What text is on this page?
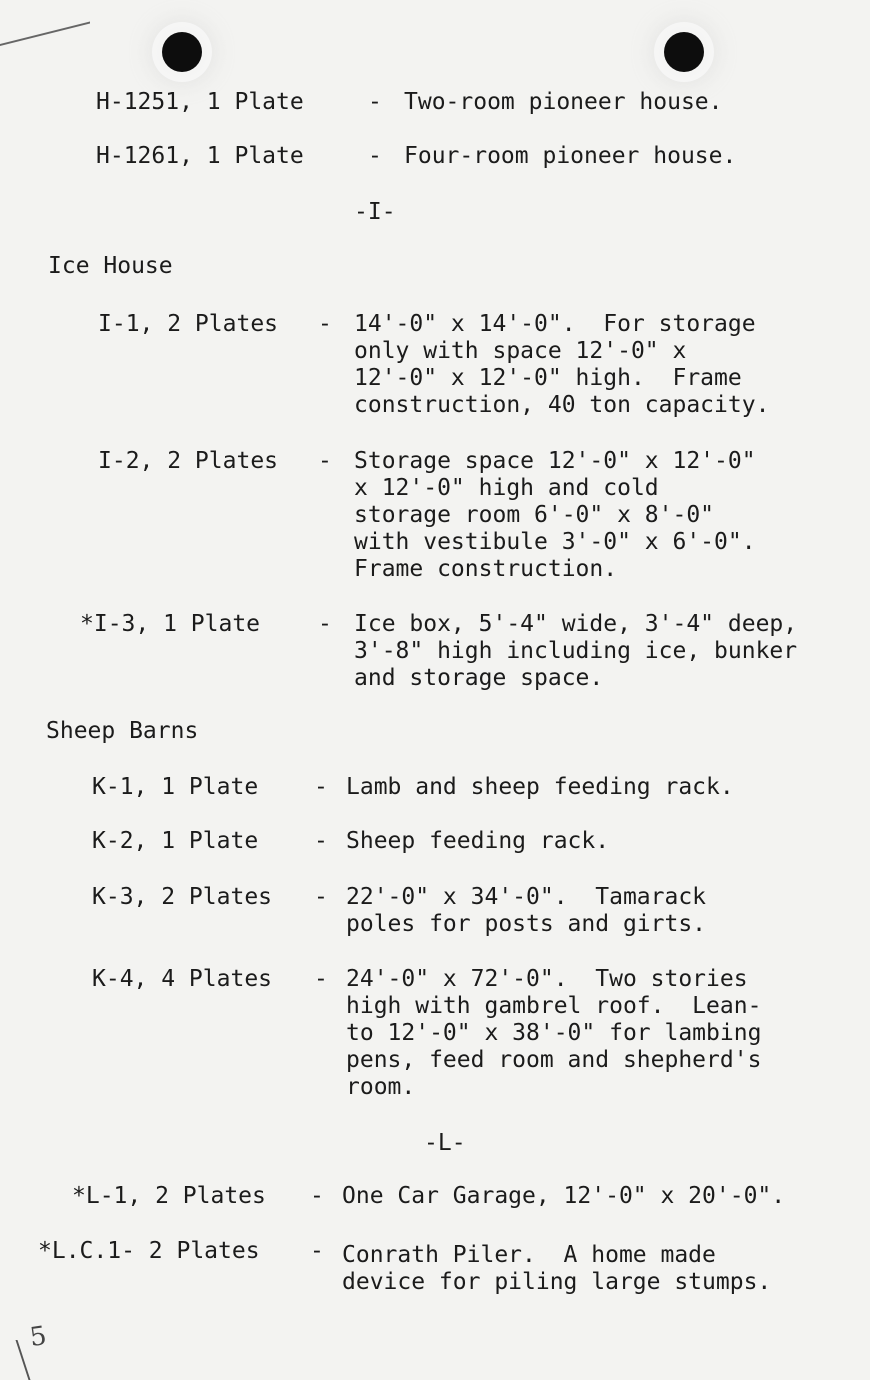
H-1251, 1 Plate	- Two-room pioneer house.
H-1261, 1 Plate	- Four-room pioneer house.
-I-
Ice House
I-1, 2 Plates - 14'-0" x 14'-0".  For storage
only with space 12'-0" x
12'-0" x 12'-0" high.  Frame
construction, 40 ton capacity.
I-2, 2 Plates - Storage space 12'-0" x 12'-0"
x 12'-0" high and cold
storage room 6'-0" x 8'-0"
with vestibule 3'-0" x 6'-0".
Frame construction.
*I-3, 1 Plate	- Ice box, 5'-4" wide, 3'-4" deep,
3'-8" high including ice, bunker
and storage space.
Sheep Barns
K-1, 1 Plate - Lamb and sheep feeding rack.
K-2, 1 Plate - Sheep feeding rack.
K-3, 2 Plates - 22'-0" x 34'-0".  Tamarack
poles for posts and girts.
K-4, 4 Plates - 24'-0" x 72'-0".  Two stories
high with gambrel roof.  Lean-
to 12'-0" x 38'-0" for lambing
pens, feed room and shepherd's
room.
-L-
*L-1, 2 Plates - One Car Garage, 12'-0" x 20'-0".
*L.C.1- 2 Plates - Conrath Piler.  A home made
device for piling large stumps.
5
